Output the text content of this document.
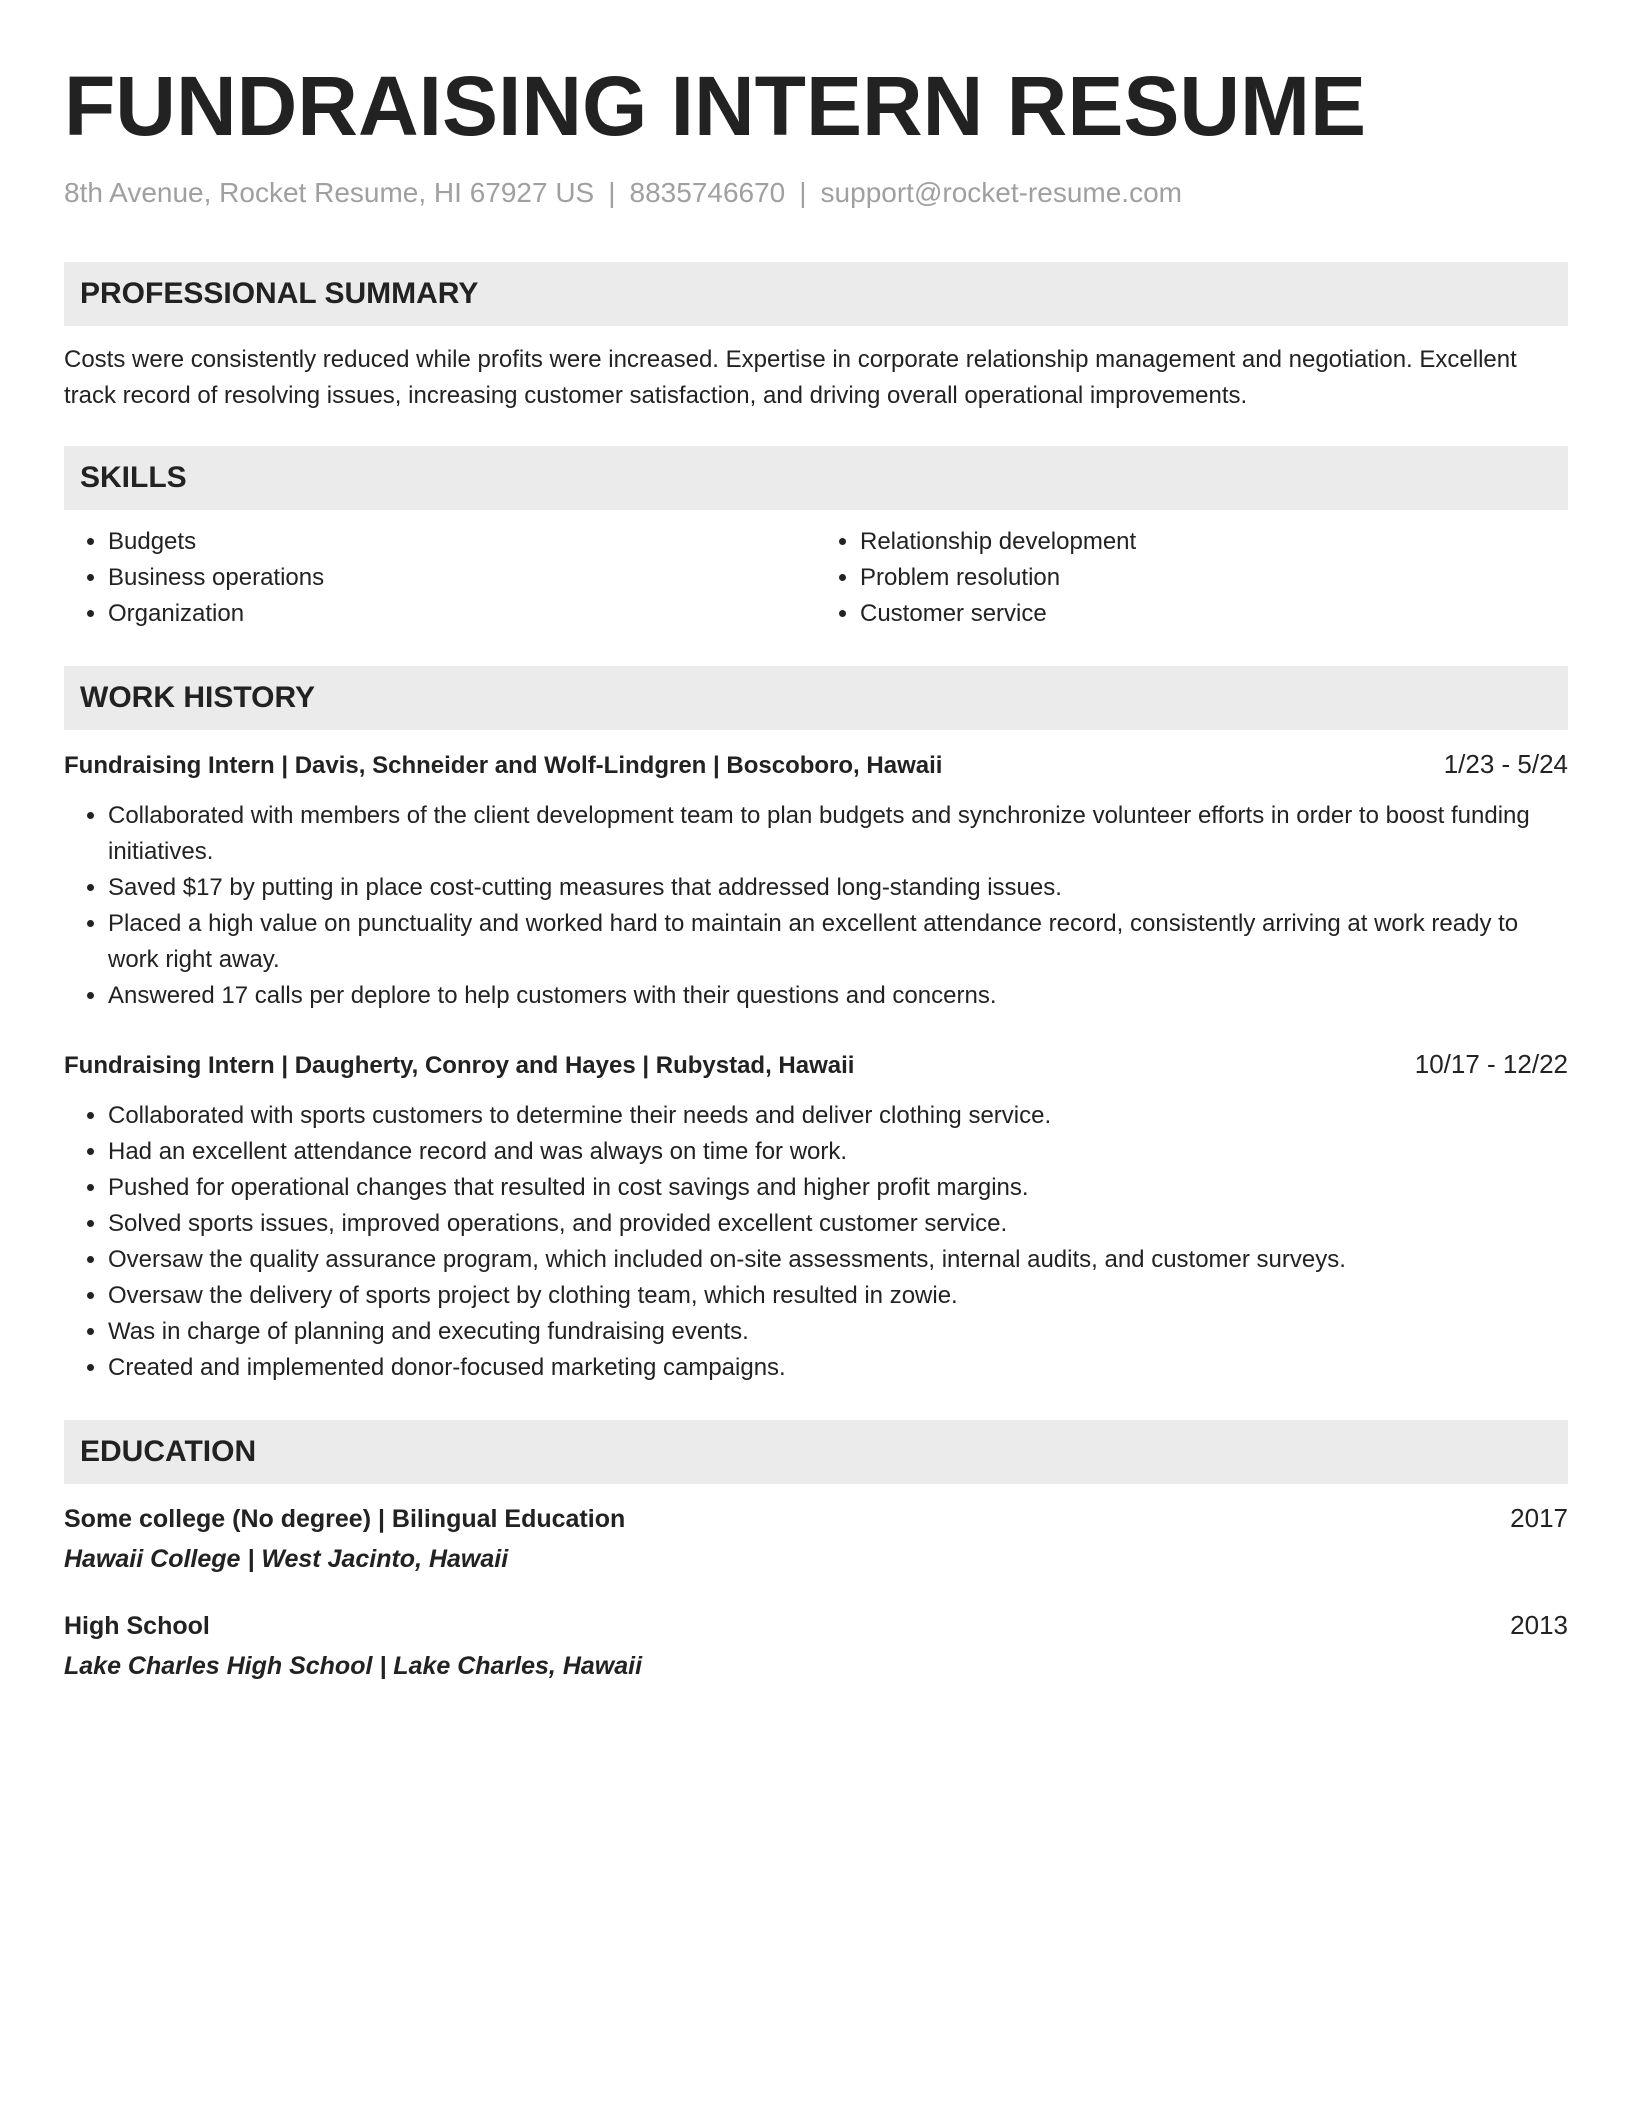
FUNDRAISING INTERN RESUME
8th Avenue, Rocket Resume, HI 67927 US | 8835746670 | support@rocket-resume.com
PROFESSIONAL SUMMARY
Costs were consistently reduced while profits were increased. Expertise in corporate relationship management and negotiation. Excellent track record of resolving issues, increasing customer satisfaction, and driving overall operational improvements.
SKILLS
• Budgets
• Business operations
• Organization
• Relationship development
• Problem resolution
• Customer service
WORK HISTORY
Fundraising Intern | Davis, Schneider and Wolf-Lindgren | Boscoboro, Hawaii	1/23 - 5/24
• Collaborated with members of the client development team to plan budgets and synchronize volunteer efforts in order to boost funding initiatives.
• Saved $17 by putting in place cost-cutting measures that addressed long-standing issues.
• Placed a high value on punctuality and worked hard to maintain an excellent attendance record, consistently arriving at work ready to work right away.
• Answered 17 calls per deplore to help customers with their questions and concerns.
Fundraising Intern | Daugherty, Conroy and Hayes | Rubystad, Hawaii	10/17 - 12/22
• Collaborated with sports customers to determine their needs and deliver clothing service.
• Had an excellent attendance record and was always on time for work.
• Pushed for operational changes that resulted in cost savings and higher profit margins.
• Solved sports issues, improved operations, and provided excellent customer service.
• Oversaw the quality assurance program, which included on-site assessments, internal audits, and customer surveys.
• Oversaw the delivery of sports project by clothing team, which resulted in zowie.
• Was in charge of planning and executing fundraising events.
• Created and implemented donor-focused marketing campaigns.
EDUCATION
Some college (No degree) | Bilingual Education	2017
Hawaii College | West Jacinto, Hawaii
High School	2013
Lake Charles High School | Lake Charles, Hawaii
